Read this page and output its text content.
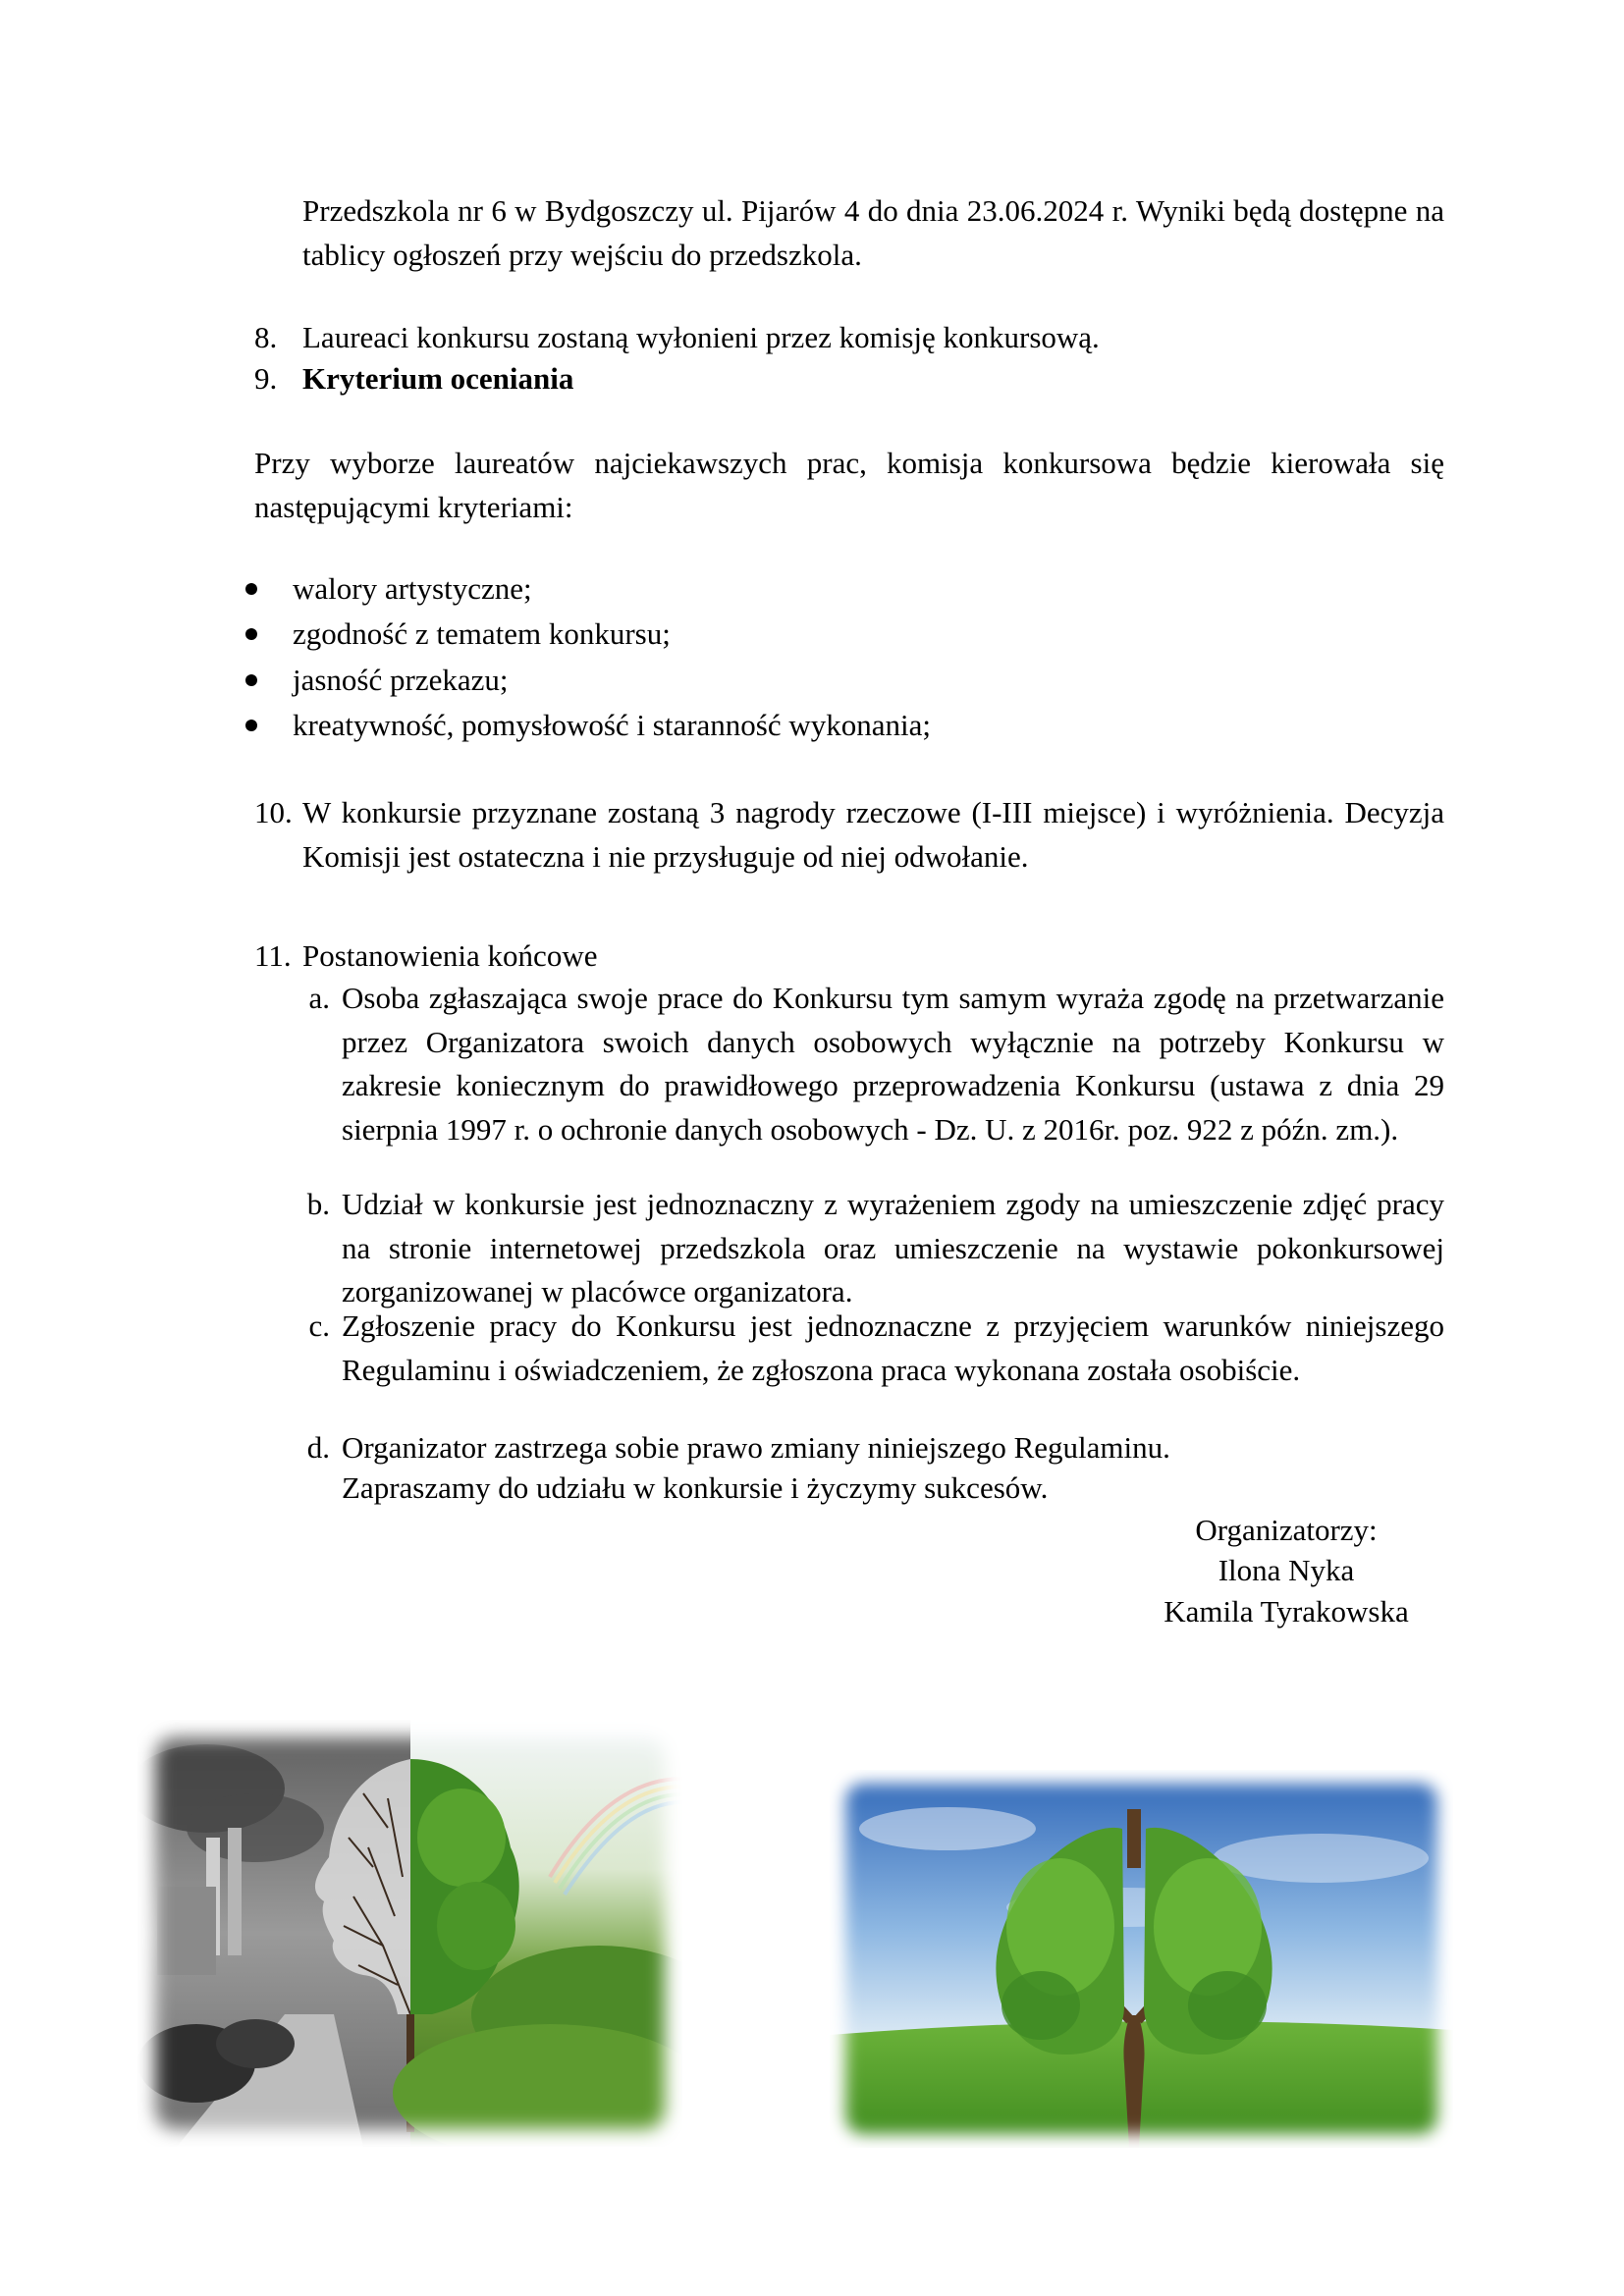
Przedszkola nr 6 w Bydgoszczy ul. Pijarów 4 do dnia 23.06.2024 r. Wyniki będą dostępne na tablicy ogłoszeń przy wejściu do przedszkola.
8. Laureaci konkursu zostaną wyłonieni przez komisję konkursową.
9. Kryterium oceniania
Przy wyborze laureatów najciekawszych prac, komisja konkursowa będzie kierowała się następującymi kryteriami:
walory artystyczne;
zgodność z tematem konkursu;
jasność przekazu;
kreatywność, pomysłowość i staranność wykonania;
10. W konkursie przyznane zostaną 3 nagrody rzeczowe (I-III miejsce) i wyróżnienia. Decyzja Komisji jest ostateczna i nie przysługuje od niej odwołanie.
11. Postanowienia końcowe
a. Osoba zgłaszająca swoje prace do Konkursu tym samym wyraża zgodę na przetwarzanie przez Organizatora swoich danych osobowych wyłącznie na potrzeby Konkursu w zakresie koniecznym do prawidłowego przeprowadzenia Konkursu (ustawa z dnia 29 sierpnia 1997 r. o ochronie danych osobowych - Dz. U. z 2016r. poz. 922 z późn. zm.).
b. Udział w konkursie jest jednoznaczny z wyrażeniem zgody na umieszczenie zdjęć pracy na stronie internetowej przedszkola oraz umieszczenie na wystawie pokonkursowej zorganizowanej w placówce organizatora.
c. Zgłoszenie pracy do Konkursu jest jednoznaczne z przyjęciem warunków niniejszego Regulaminu i oświadczeniem, że zgłoszona praca wykonana została osobiście.
d. Organizator zastrzega sobie prawo zmiany niniejszego Regulaminu.
Zapraszamy do udziału w konkursie i życzymy sukcesów.
Organizatorzy:
Ilona Nyka
Kamila Tyrakowska
